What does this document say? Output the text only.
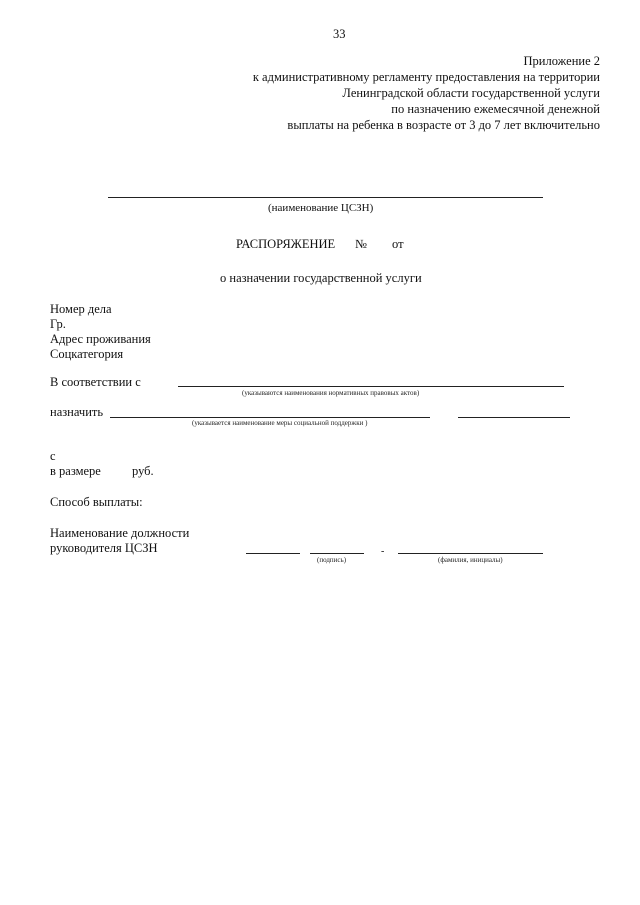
33
Приложение 2
к административному регламенту предоставления на территории
Ленинградской области государственной услуги
по назначению ежемесячной денежной
выплаты на ребенка в возрасте от 3 до 7 лет включительно
(наименование ЦСЗН)
РАСПОРЯЖЕНИЕ № от
о назначении государственной услуги
Номер дела
Гр.
Адрес проживания
Соцкатегория
В соответствии с
(указываются наименования нормативных правовых актов)
назначить
(указывается наименование меры социальной поддержки )
с
в размере руб.
Способ выплаты:
Наименование должности
руководителя ЦСЗН
(подпись)
-
(фамилия, инициалы)
